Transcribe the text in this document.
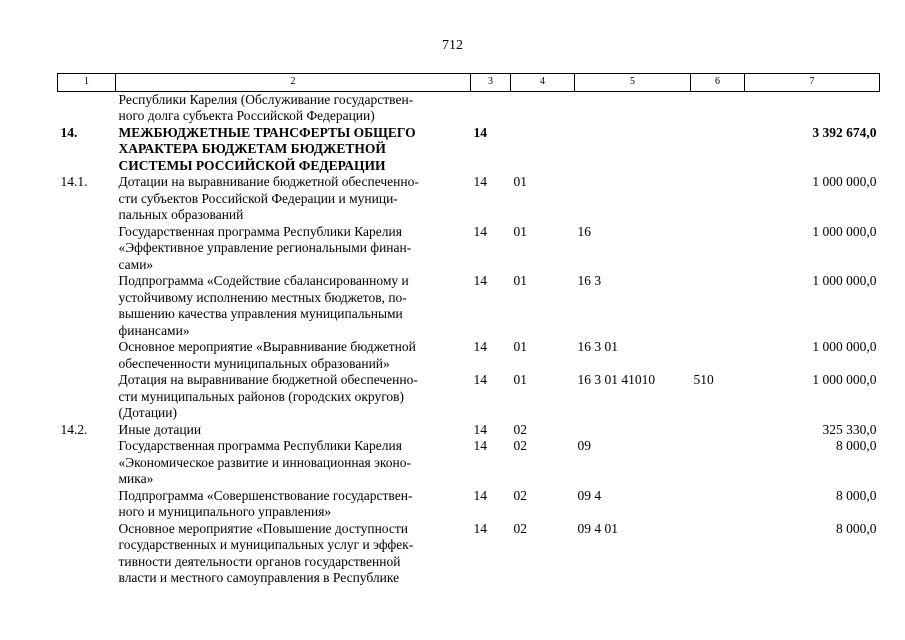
712
1	2	3	4	5	6	7

	Республики Карелия (Обслуживание государствен-
ного долга субъекта Российской Федерации)					

14.	МЕЖБЮДЖЕТНЫЕ ТРАНСФЕРТЫ ОБЩЕГО
ХАРАКТЕРА БЮДЖЕТАМ БЮДЖЕТНОЙ
СИСТЕМЫ РОССИЙСКОЙ ФЕДЕРАЦИИ	14				3 392 674,0
14.1.	Дотации на выравнивание бюджетной обеспеченно-
сти субъектов Российской Федерации и муници-
пальных образований	14	01			1 000 000,0

	Государственная программа Республики Карелия
«Эффективное управление региональными финан-
сами»	14	01	16		1 000 000,0

	Подпрограмма «Содействие сбалансированному и
устойчивому исполнению местных бюджетов, по-
вышению качества управления муниципальными
финансами»	14	01	16 3		1 000 000,0

	Основное мероприятие «Выравнивание бюджетной
обеспеченности муниципальных образований»	14	01	16 3 01		1 000 000,0

	Дотация на выравнивание бюджетной обеспеченно-
сти муниципальных районов (городских округов)
(Дотации)	14	01	16 3 01 41010	510	1 000 000,0
14.2.	Иные дотации	14	02			325 330,0

	Государственная программа Республики Карелия
«Экономическое развитие и инновационная эконо-
мика»	14	02	09		8 000,0

	Подпрограмма «Совершенствование государствен-
ного и муниципального управления»	14	02	09 4		8 000,0

	Основное мероприятие «Повышение доступности
государственных и муниципальных услуг и эффек-
тивности деятельности органов государственной
власти и местного самоуправления в Республике	14	02	09 4 01		8 000,0
